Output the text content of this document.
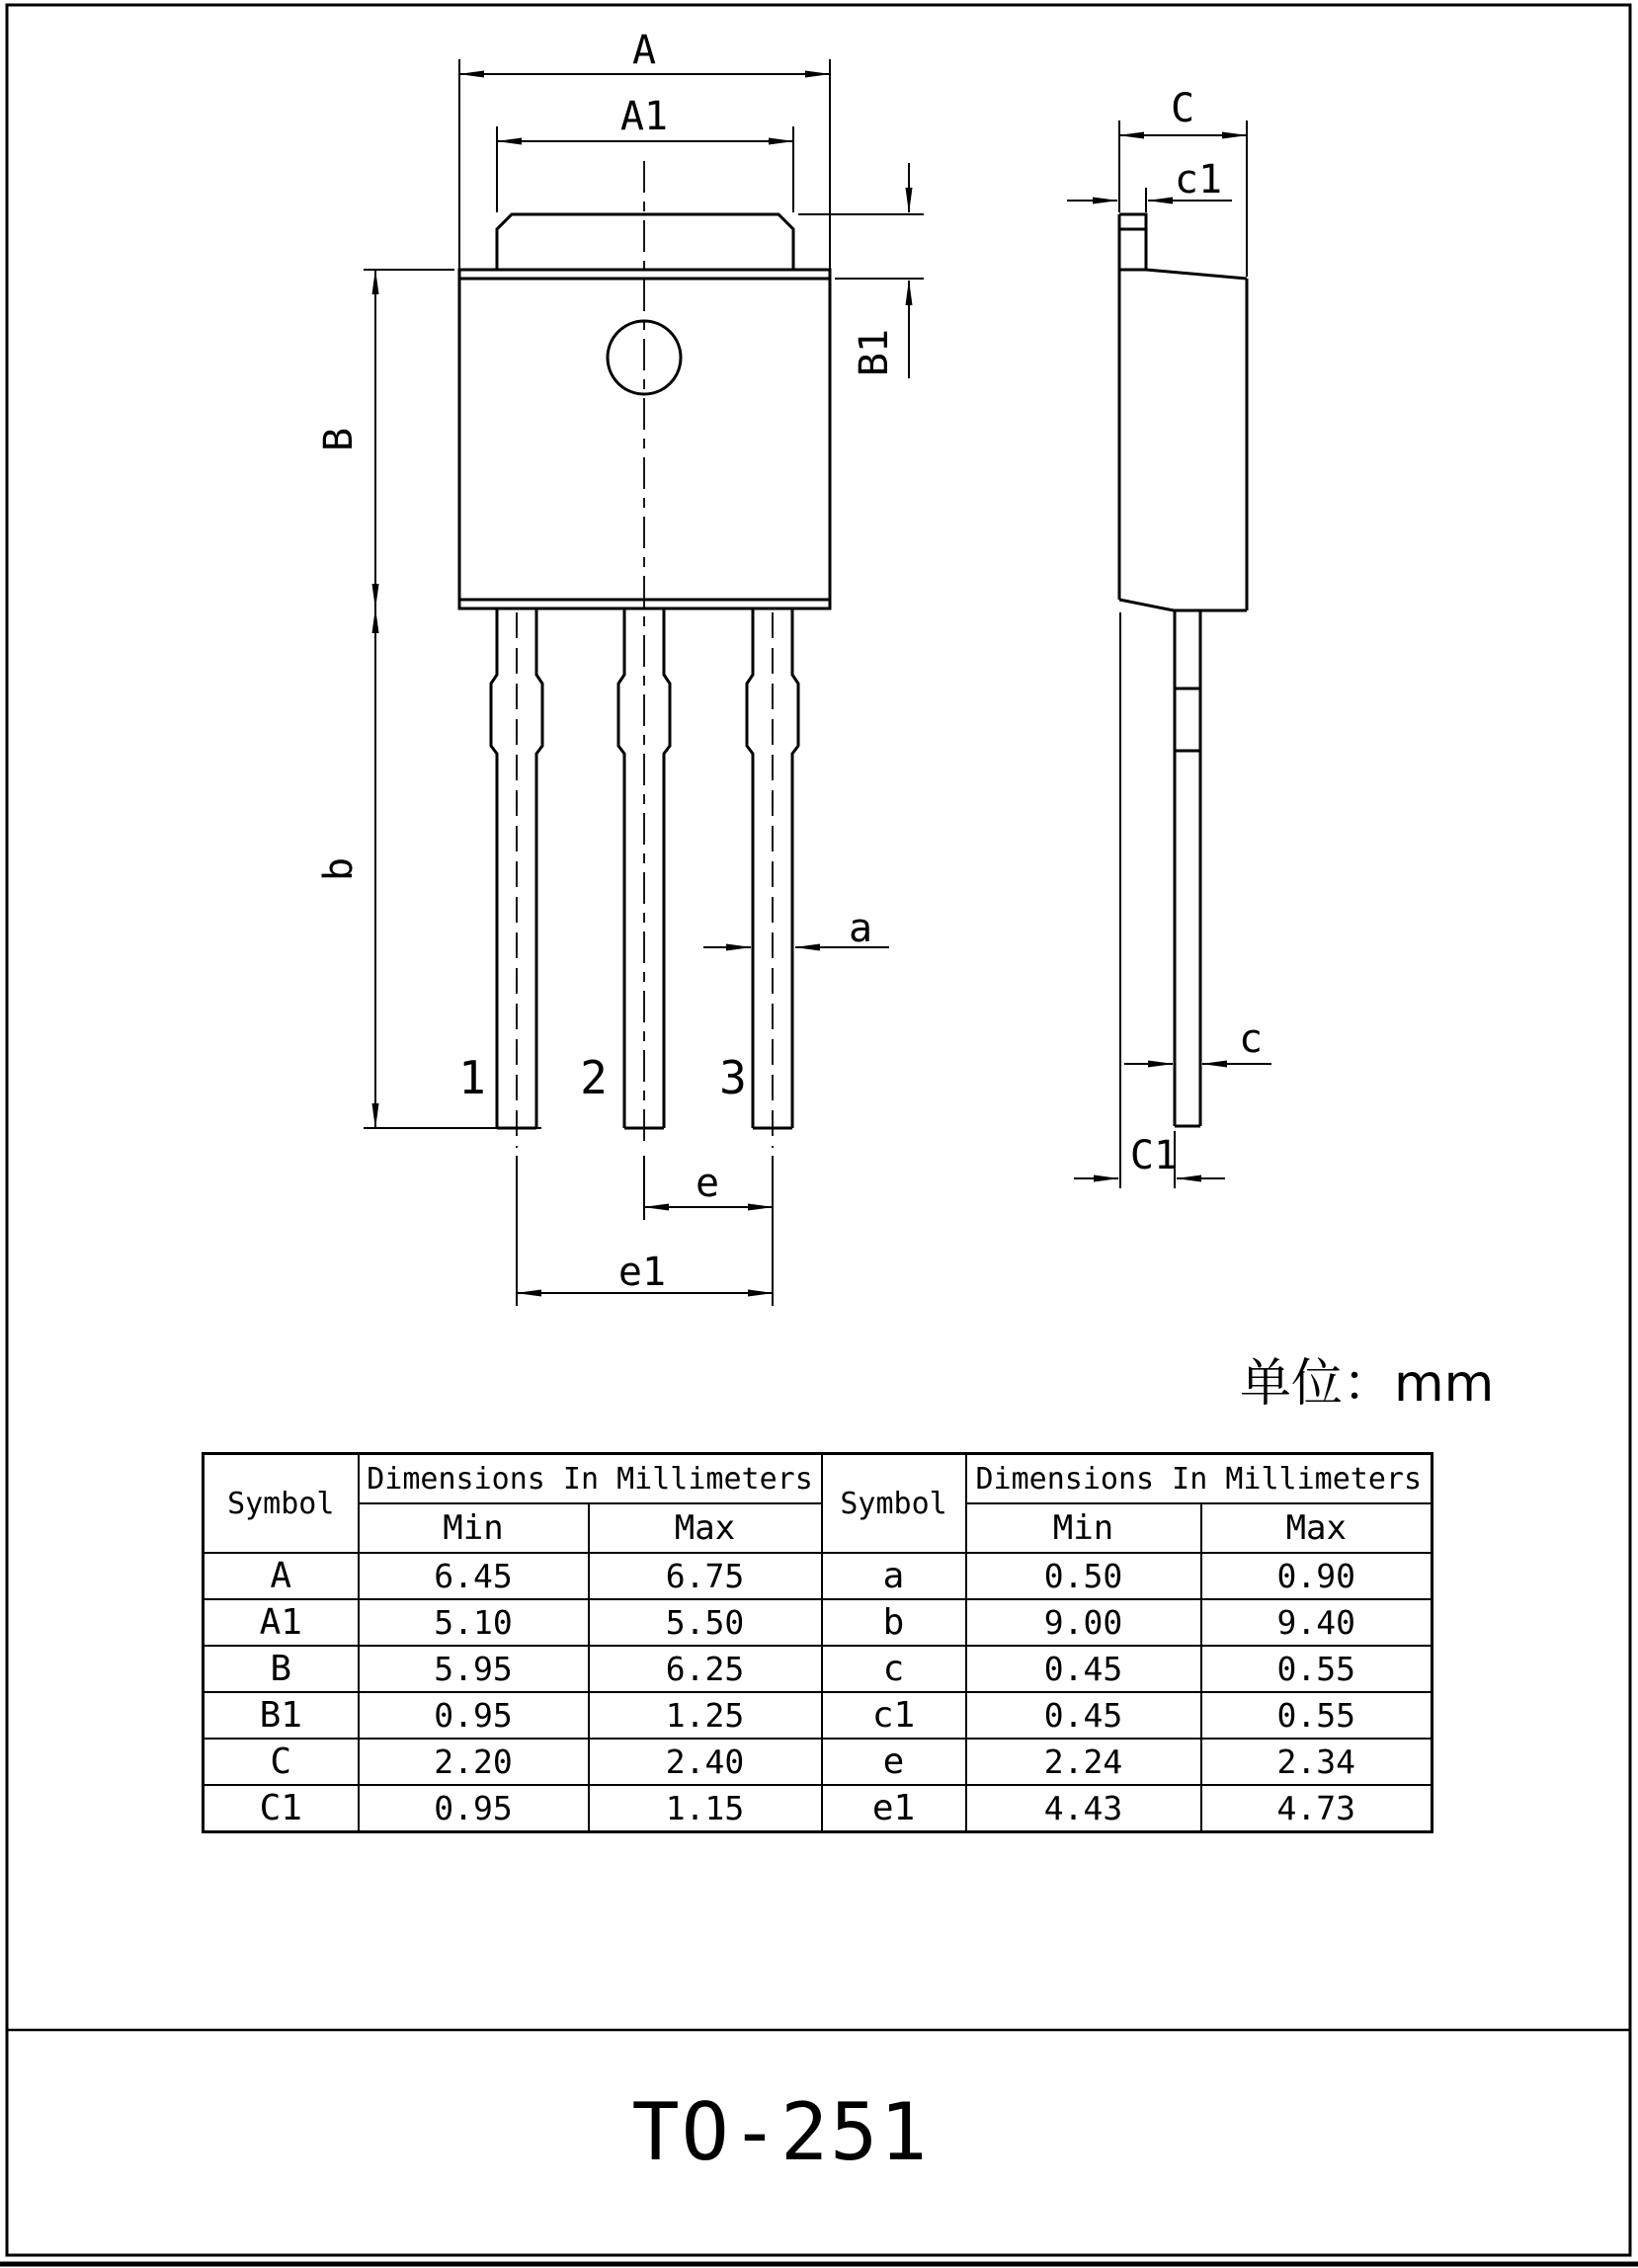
A
A1
B1
B
b
a
e
e1
1 2 3
C
c1
c
C1
单位：mm
TO-251
Symbol	Dimensions In Millimeters		Symbol	Dimensions In Millimeters	
	Min	Max		Min	Max
A	6.45	6.75	a	0.50	0.90
A1	5.10	5.50	b	9.00	9.40
B	5.95	6.25	c	0.45	0.55
B1	0.95	1.25	c1	0.45	0.55
C	2.20	2.40	e	2.24	2.34
C1	0.95	1.15	e1	4.43	4.73
